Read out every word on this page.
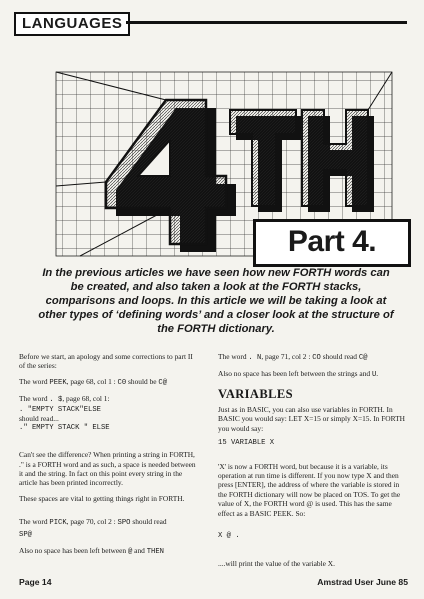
LANGUAGES
Part 4.
In the previous articles we have seen how new FORTH words can be created, and also taken a look at the FORTH stacks, comparisons and loops. In this article we will be taking a look at other types of ‘defining words’ and a closer look at the structure of the FORTH dictionary.

Before we start, an apology and some corrections to part II of the series:

The word PEEK, page 68, col 1 : C0 should be C@

The word . $, page 68, col 1:
. "EMPTY STACK"ELSE
should read...
." EMPTY STACK " ELSE

Can't see the difference? When printing a string in FORTH, ." is a FORTH word and as such, a space is needed between it and the string. In fact on this point every string in the article has been printed incorrectly.

These spaces are vital to getting things right in FORTH.

The word PICK, page 70, col 2 : SPO should read
SP@

Also no space has been left between @ and THEN

The word . N, page 71, col 2 : CO should read C@

Also no space has been left between the strings and U.

VARIABLES

Just as in BASIC, you can also use variables in FORTH. In BASIC you would say: LET X=15 or simply X=15. In FORTH you would say:

15 VARIABLE X

'X' is now a FORTH word, but because it is a variable, its operation at run time is different. If you now type X and then press [ENTER], the address of where the variable is stored in the FORTH dictionary will now be placed on TOS. To get the value of X, the FORTH word @ is used. This has the same effect as a BASIC PEEK. So:

X @ .

....will print the value of the variable X.

Page 14	Amstrad User June 85
